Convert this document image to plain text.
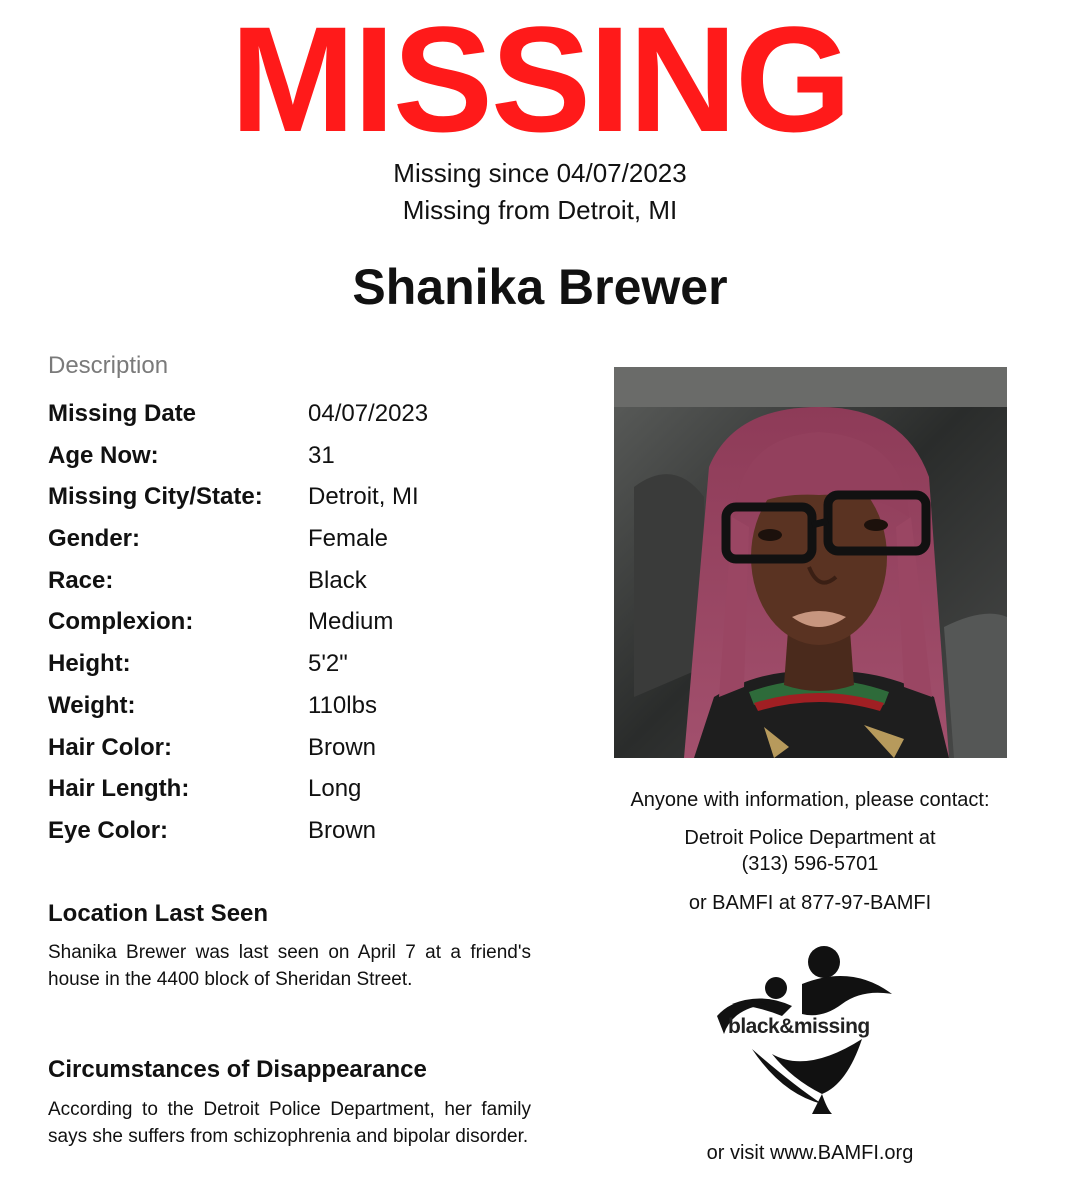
MISSING
Missing since 04/07/2023
Missing from Detroit, MI
Shanika Brewer
Description
Missing Date	04/07/2023
Age Now:	31
Missing City/State: Detroit, MI
Gender:	Female
Race:	Black
Complexion:	Medium
Height:	5'2"
Weight:	110lbs
Hair Color:	Brown
Hair Length:	Long
Eye Color:	Brown
Location Last Seen
Shanika Brewer was last seen on April 7 at a friend's house in the 4400 block of Sheridan Street.
Circumstances of Disappearance
According to the Detroit Police Department, her family says she suffers from schizophrenia and bipolar disorder.
Anyone with information, please contact:
Detroit Police Department at
(313) 596-5701
or BAMFI at 877-97-BAMFI
black&missing
or visit www.BAMFI.org
